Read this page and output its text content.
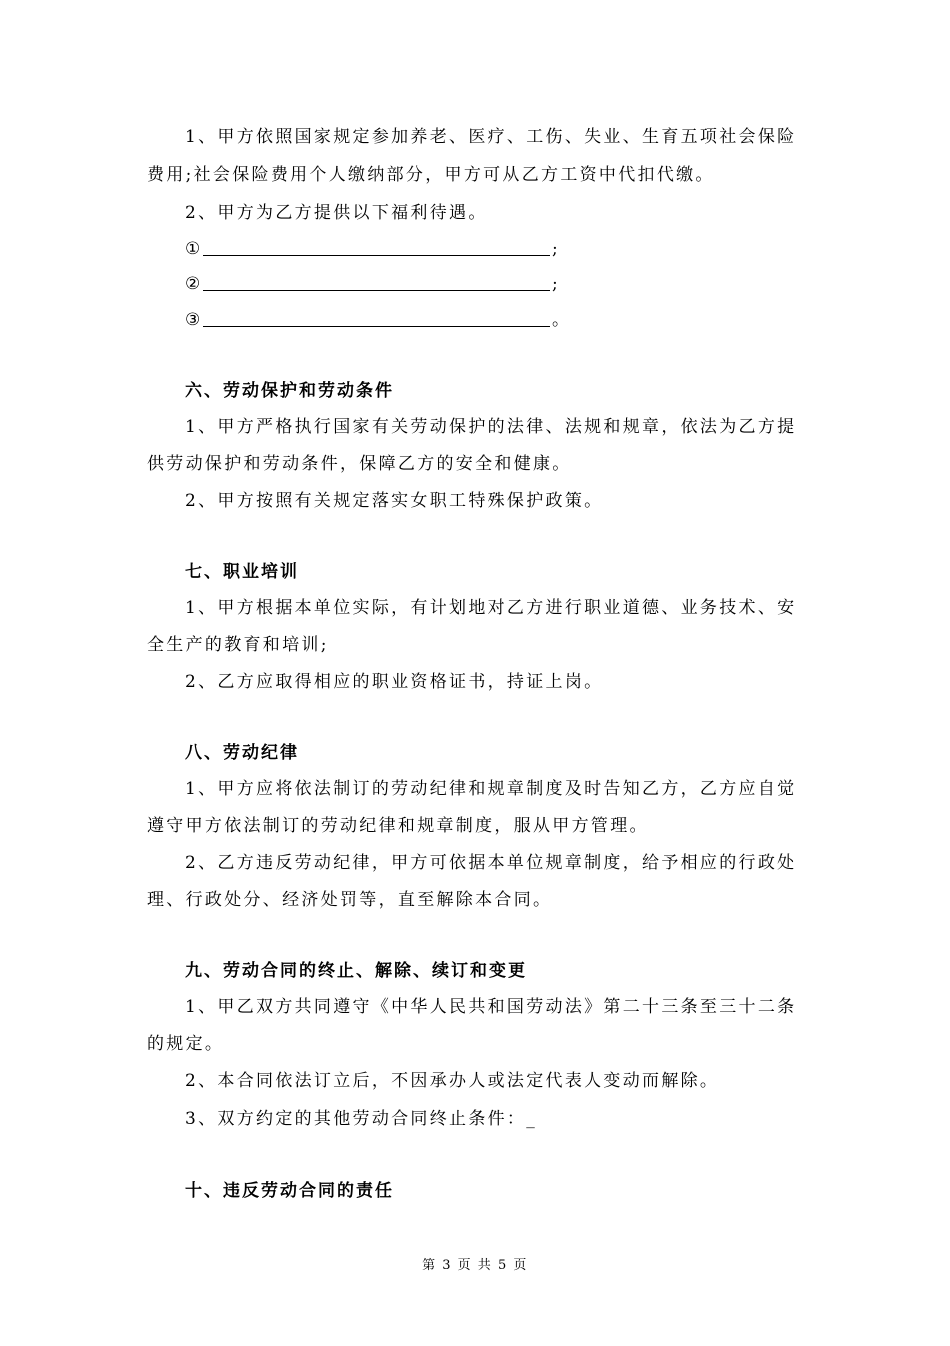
1、甲方依照国家规定参加养老、医疗、工伤、失业、生育五项社会保险
费用;社会保险费用个人缴纳部分，甲方可从乙方工资中代扣代缴。
2、甲方为乙方提供以下福利待遇。
①	;
②	;
③	。
六、劳动保护和劳动条件
1、甲方严格执行国家有关劳动保护的法律、法规和规章，依法为乙方提
供劳动保护和劳动条件，保障乙方的安全和健康。
2、甲方按照有关规定落实女职工特殊保护政策。
七、职业培训
1、甲方根据本单位实际，有计划地对乙方进行职业道德、业务技术、安
全生产的教育和培训;
2、乙方应取得相应的职业资格证书，持证上岗。
八、劳动纪律
1、甲方应将依法制订的劳动纪律和规章制度及时告知乙方，乙方应自觉
遵守甲方依法制订的劳动纪律和规章制度，服从甲方管理。
2、乙方违反劳动纪律，甲方可依据本单位规章制度，给予相应的行政处
理、行政处分、经济处罚等，直至解除本合同。
九、劳动合同的终止、解除、续订和变更
1、甲乙双方共同遵守《中华人民共和国劳动法》第二十三条至三十二条
的规定。
2、本合同依法订立后，不因承办人或法定代表人变动而解除。
3、双方约定的其他劳动合同终止条件：_
十、违反劳动合同的责任
第 3 页 共 5 页
